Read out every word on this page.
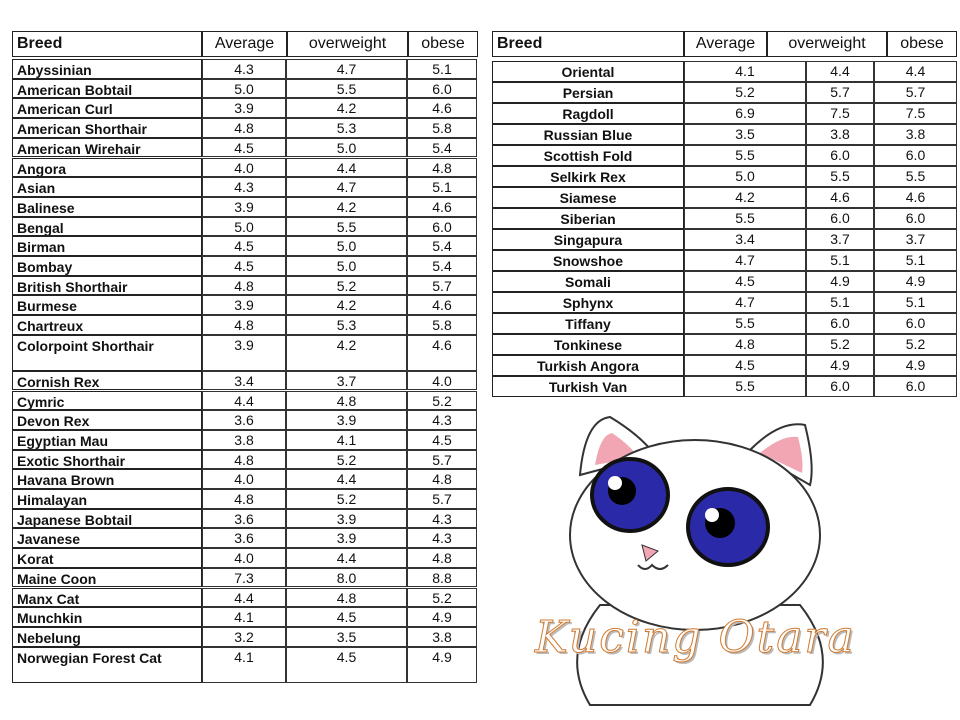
Breed	Average	overweight	obese
Abyssinian	4.3	4.7	5.1
American Bobtail	5.0	5.5	6.0
American Curl	3.9	4.2	4.6
American Shorthair	4.8	5.3	5.8
American Wirehair	4.5	5.0	5.4
Angora	4.0	4.4	4.8
Asian	4.3	4.7	5.1
Balinese	3.9	4.2	4.6
Bengal	5.0	5.5	6.0
Birman	4.5	5.0	5.4
Bombay	4.5	5.0	5.4
British Shorthair	4.8	5.2	5.7
Burmese	3.9	4.2	4.6
Chartreux	4.8	5.3	5.8
Colorpoint Shorthair	3.9	4.2	4.6
Cornish Rex	3.4	3.7	4.0
Cymric	4.4	4.8	5.2
Devon Rex	3.6	3.9	4.3
Egyptian Mau	3.8	4.1	4.5
Exotic Shorthair	4.8	5.2	5.7
Havana Brown	4.0	4.4	4.8
Himalayan	4.8	5.2	5.7
Japanese Bobtail	3.6	3.9	4.3
Javanese	3.6	3.9	4.3
Korat	4.0	4.4	4.8
Maine Coon	7.3	8.0	8.8
Manx Cat	4.4	4.8	5.2
Munchkin	4.1	4.5	4.9
Nebelung	3.2	3.5	3.8
Norwegian Forest Cat	4.1	4.5	4.9
Breed	Average	overweight	obese
Oriental	4.1	4.4	4.4
Persian	5.2	5.7	5.7
Ragdoll	6.9	7.5	7.5
Russian Blue	3.5	3.8	3.8
Scottish Fold	5.5	6.0	6.0
Selkirk Rex	5.0	5.5	5.5
Siamese	4.2	4.6	4.6
Siberian	5.5	6.0	6.0
Singapura	3.4	3.7	3.7
Snowshoe	4.7	5.1	5.1
Somali	4.5	4.9	4.9
Sphynx	4.7	5.1	5.1
Tiffany	5.5	6.0	6.0
Tonkinese	4.8	5.2	5.2
Turkish Angora	4.5	4.9	4.9
Turkish Van	5.5	6.0	6.0
Kucing Otara
